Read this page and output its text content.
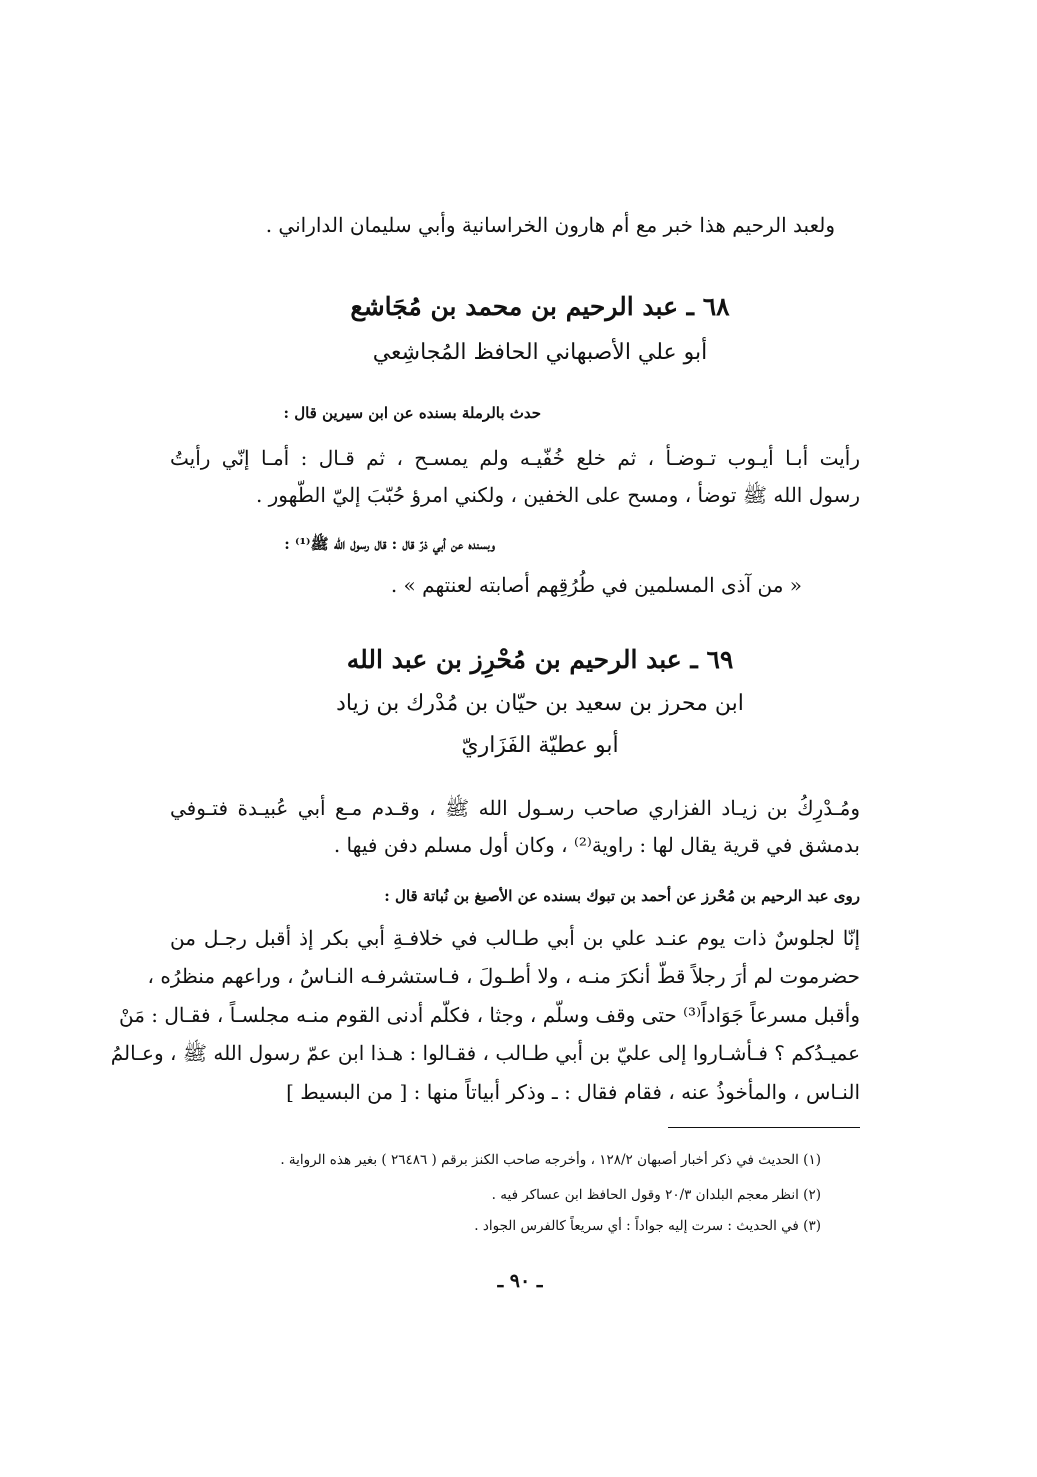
ولعبد الرحيم هذا خبر مع أم هارون الخراسانية وأبي سليمان الداراني .
٦٨ ـ عبد الرحيم بن محمد بن مُجَاشع
أبو علي الأصبهاني الحافظ المُجاشِعي
حدث بالرملة بسنده عن ابن سيرين قال :
رأيت أبـا أيـوب تـوضـأ ، ثم خلع خُفّيـه ولم يمسـح ، ثم قـال : أمـا إنّي رأيتُ
رسول الله ﷺ توضأ ، ومسح على الخفين ، ولكني امرؤ حُبّبَ إليّ الطّهور .
وبسنده عن أبي ذرّ قال : قال رسول الله ﷺ⁽¹⁾ :
« من آذى المسلمين في طُرُقِهم أصابته لعنتهم » .
٦٩ ـ عبد الرحيم بن مُحْرِز بن عبد الله
ابن محرز بن سعيد بن حيّان بن مُدْرك بن زياد
أبو عطيّة الفَزَاريّ
ومُـدْرِكُ بن زيـاد الفزاري صاحب رسـول الله ﷺ ، وقـدم مـع أبي عُبيـدة فتـوفي
بدمشق في قرية يقال لها : راوية⁽²⁾ ، وكان أول مسلم دفن فيها .
روى عبد الرحيم بن مُحْرز عن أحمد بن تبوك بسنده عن الأصبغ بن نُباتة قال :
إنّا لجلوسٌ ذات يوم عنـد علي بن أبي طـالب في خلافـةِ أبي بكر إذ أقبل رجـل من
حضرموت لم أرَ رجلاً قطّ أنكرَ منـه ، ولا أطـولَ ، فـاستشرفـه النـاسُ ، وراعهم منظرُه ،
وأقبل مسرعاً جَوَاداً⁽³⁾ حتى وقف وسلّم ، وجثا ، فكلّم أدنى القوم منـه مجلسـاً ، فقـال : مَنْ
عميـدُكم ؟ فـأشـاروا إلى عليّ بن أبي طـالب ، فقـالوا : هـذا ابن عمّ رسول الله ﷺ ، وعـالمُ
النـاس ، والمأخوذُ عنه ، فقام فقال : ـ وذكر أبياتاً منها : [ من البسيط ]
(١) الحديث في ذكر أخبار أصبهان ١٢٨/٢ ، وأخرجه صاحب الكنز برقم ( ٢٦٤٨٦ ) بغير هذه الرواية .
(٢) انظر معجم البلدان ٢٠/٣ وقول الحافظ ابن عساكر فيه .
(٣) في الحديث : سرت إليه جواداً : أي سريعاً كالفرس الجواد .
ـ ٩٠ ـ
